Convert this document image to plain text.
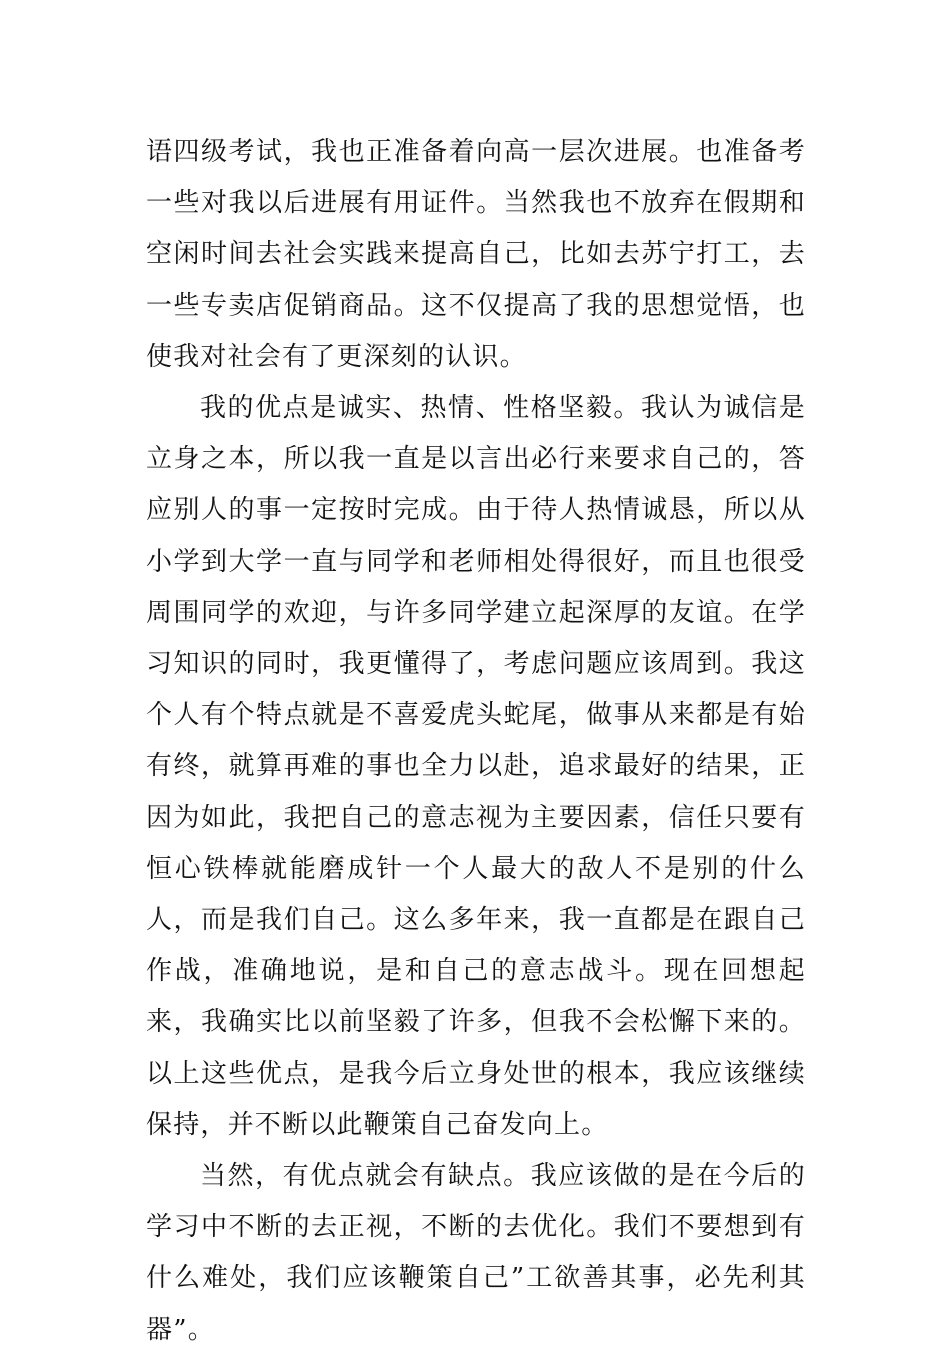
语四级考试，我也正准备着向高一层次进展。也准备考一些对我以后进展有用证件。当然我也不放弃在假期和空闲时间去社会实践来提高自己，比如去苏宁打工，去一些专卖店促销商品。这不仅提高了我的思想觉悟，也使我对社会有了更深刻的认识。

我的优点是诚实、热情、性格坚毅。我认为诚信是立身之本，所以我一直是以言出必行来要求自己的，答应别人的事一定按时完成。由于待人热情诚恳，所以从小学到大学一直与同学和老师相处得很好，而且也很受周围同学的欢迎，与许多同学建立起深厚的友谊。在学习知识的同时，我更懂得了，考虑问题应该周到。我这个人有个特点就是不喜爱虎头蛇尾，做事从来都是有始有终，就算再难的事也全力以赴，追求最好的结果，正因为如此，我把自己的意志视为主要因素，信任只要有恒心铁棒就能磨成针一个人最大的敌人不是别的什么人，而是我们自己。这么多年来，我一直都是在跟自己作战，准确地说，是和自己的意志战斗。现在回想起来，我确实比以前坚毅了许多，但我不会松懈下来的。以上这些优点，是我今后立身处世的根本，我应该继续保持，并不断以此鞭策自己奋发向上。

当然，有优点就会有缺点。我应该做的是在今后的学习中不断的去正视，不断的去优化。我们不要想到有什么难处，我们应该鞭策自己”工欲善其事，必先利其器”。
